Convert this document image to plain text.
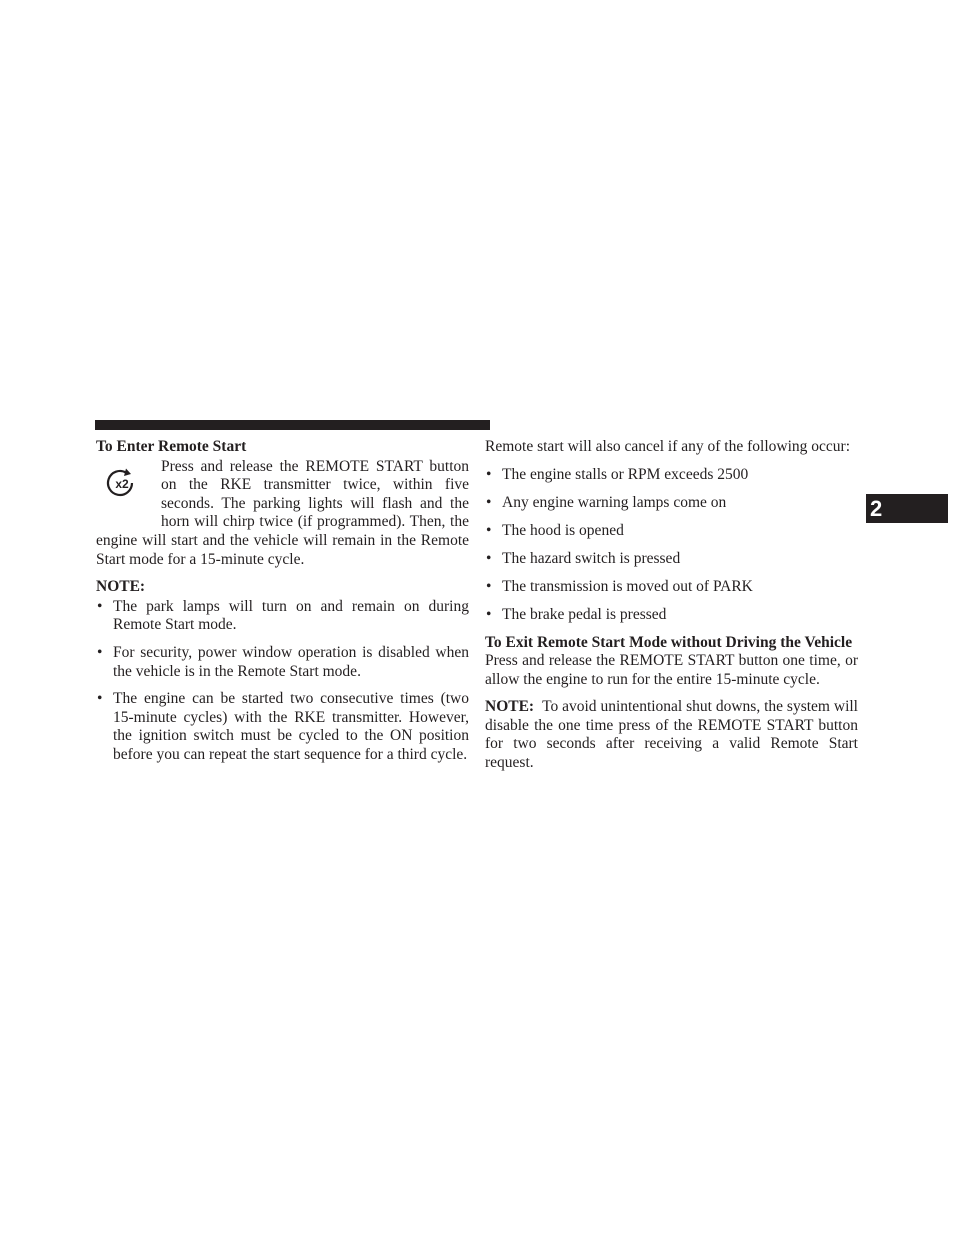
2

To Enter Remote Start

x2

Press and release the REMOTE START button on the RKE transmitter twice, within five seconds. The parking lights will flash and the horn will chirp twice (if programmed). Then, the engine will start and the vehicle will remain in the Remote Start mode for a 15-minute cycle.

NOTE:

• The park lamps will turn on and remain on during Remote Start mode.
• For security, power window operation is disabled when the vehicle is in the Remote Start mode.
• The engine can be started two consecutive times (two 15-minute cycles) with the RKE transmitter. However, the ignition switch must be cycled to the ON position before you can repeat the start sequence for a third cycle.

Remote start will also cancel if any of the following occur:

• The engine stalls or RPM exceeds 2500
• Any engine warning lamps come on
• The hood is opened
• The hazard switch is pressed
• The transmission is moved out of PARK
• The brake pedal is pressed

To Exit Remote Start Mode without Driving the Vehicle

Press and release the REMOTE START button one time, or allow the engine to run for the entire 15-minute cycle.

NOTE: To avoid unintentional shut downs, the system will disable the one time press of the REMOTE START button for two seconds after receiving a valid Remote Start request.
